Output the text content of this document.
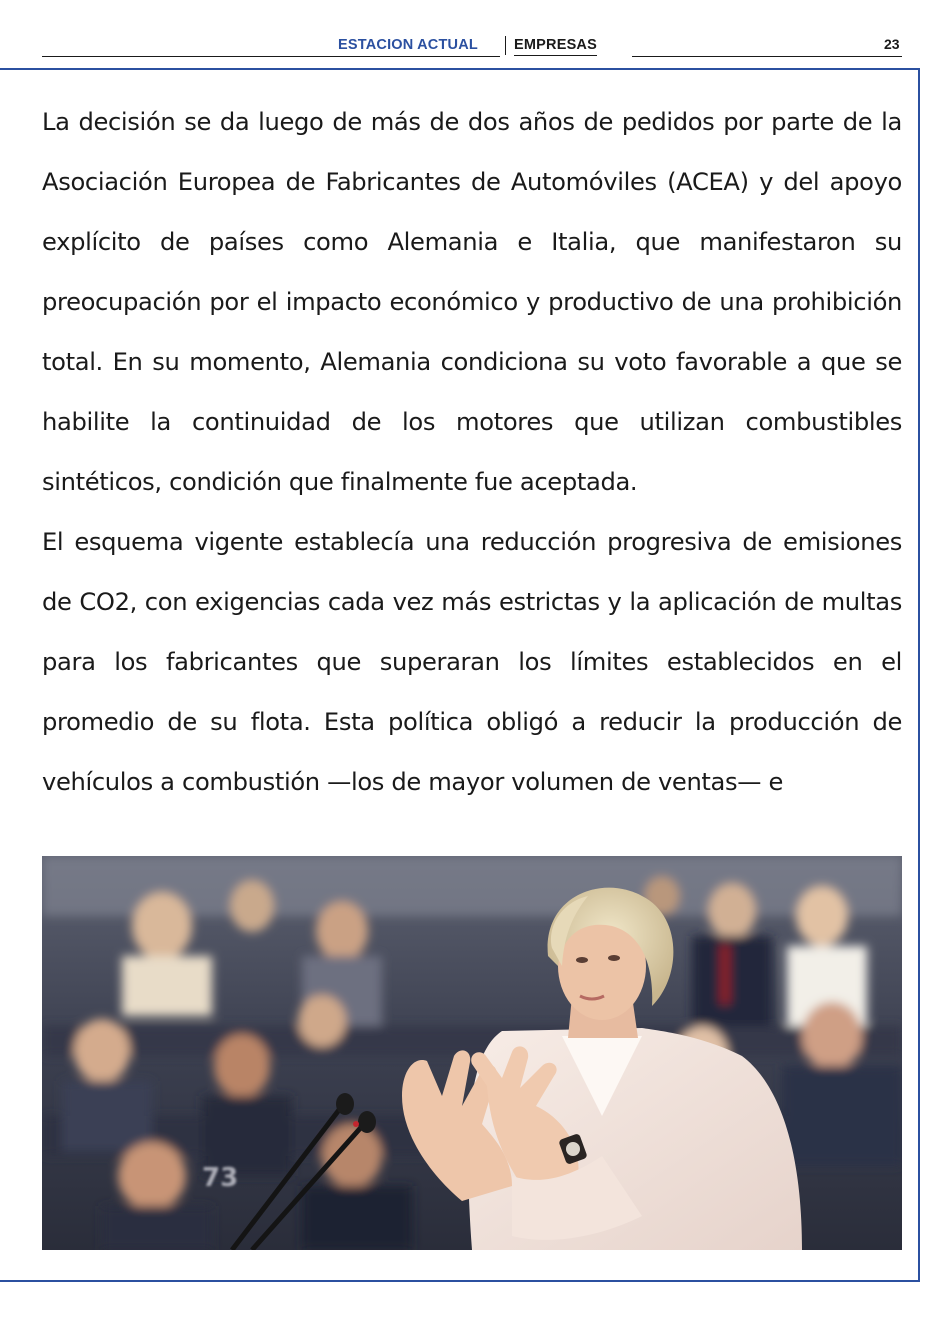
ESTACION ACTUAL EMPRESAS	23

La decisión se da luego de más de dos años de pedidos por parte de la Asociación Europea de Fabricantes de Automóviles (ACEA) y del apoyo explícito de países como Alemania e Italia, que manifestaron su preocupación por el impacto económico y productivo de una prohibición total. En su momento, Alemania condiciona su voto favorable a que se habilite la continuidad de los motores que utilizan combustibles sintéticos, condición que finalmente fue aceptada.

El esquema vigente establecía una reducción progresiva de emisiones de CO2, con exigencias cada vez más estrictas y la aplicación de multas para los fabricantes que superaran los límites establecidos en el promedio de su flota. Esta política obligó a reducir la producción de vehículos a combustión —los de mayor volumen de ventas— e

73
